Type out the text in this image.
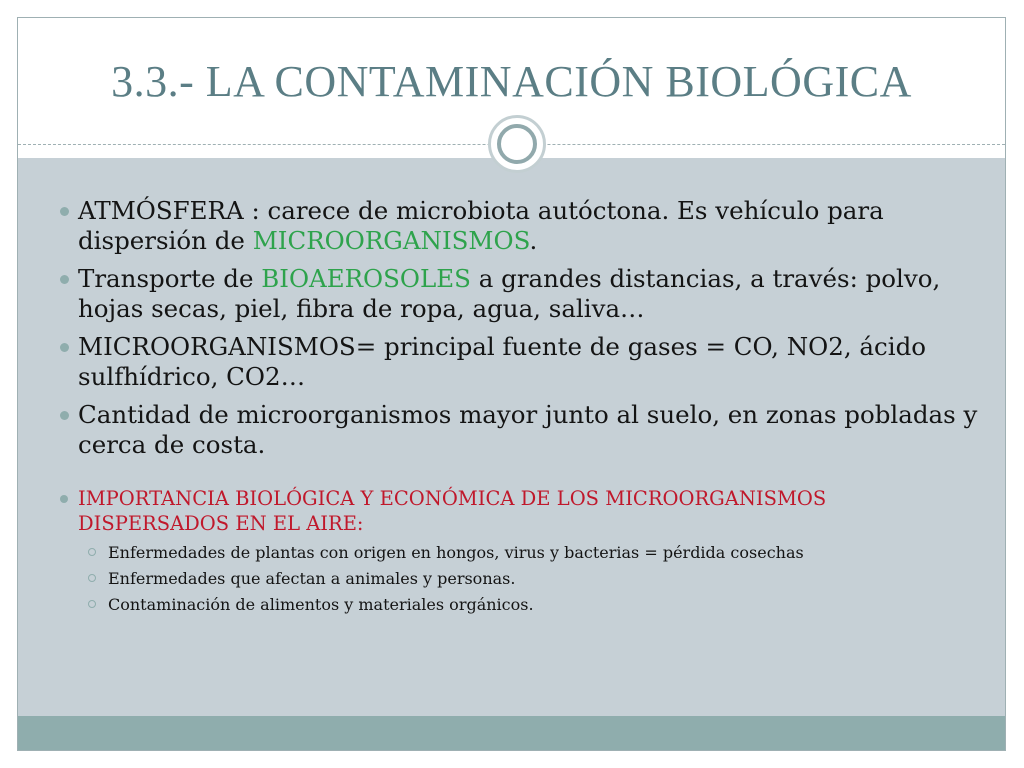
3.3.- LA CONTAMINACIÓN BIOLÓGICA
ATMÓSFERA : carece de microbiota autóctona. Es vehículo para dispersión de MICROORGANISMOS.
Transporte de BIOAEROSOLES a grandes distancias, a través: polvo, hojas secas, piel, fibra de ropa, agua, saliva…
MICROORGANISMOS= principal fuente de gases = CO, NO2, ácido sulfhídrico, CO2…
Cantidad de microorganismos mayor junto al suelo, en zonas pobladas y cerca de costa.
IMPORTANCIA BIOLÓGICA Y ECONÓMICA DE LOS MICROORGANISMOS DISPERSADOS EN EL AIRE:
Enfermedades de plantas con origen en hongos, virus y bacterias = pérdida cosechas
Enfermedades que afectan a animales y personas.
Contaminación de alimentos y materiales orgánicos.
